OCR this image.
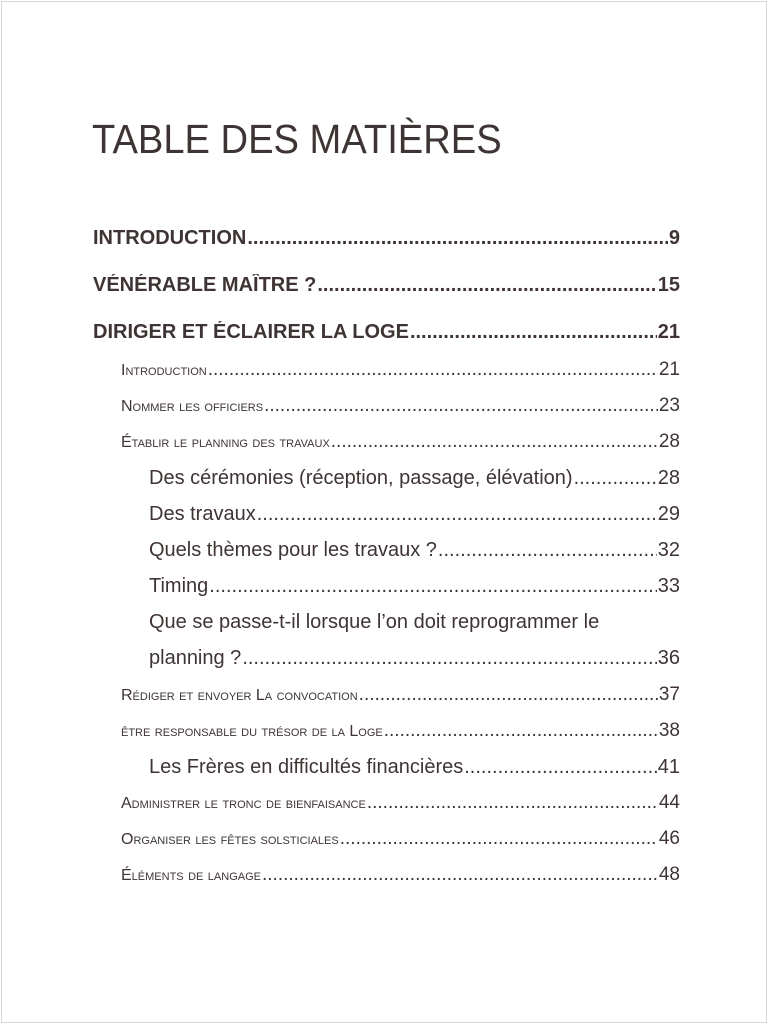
TABLE DES MATIÈRES
INTRODUCTION .....	9
VÉNÉRABLE MAÎTRE ? .....	15
DIRIGER ET ÉCLAIRER LA LOGE .....	21
Introduction .....	21
Nommer les officiers .....	23
Établir le planning des travaux .....	28
Des cérémonies (réception, passage, élévation) .....	28
Des travaux .....	29
Quels thèmes pour les travaux ? .....	32
Timing .....	33
Que se passe-t-il lorsque l’on doit reprogrammer le
planning ? .....	36
Rédiger et envoyer La convocation .....	37
être responsable du trésor de la Loge .....	38
Les Frères en difficultés financières .....	41
Administrer le tronc de bienfaisance .....	44
Organiser les fêtes solsticiales .....	46
Éléments de langage .....	48
